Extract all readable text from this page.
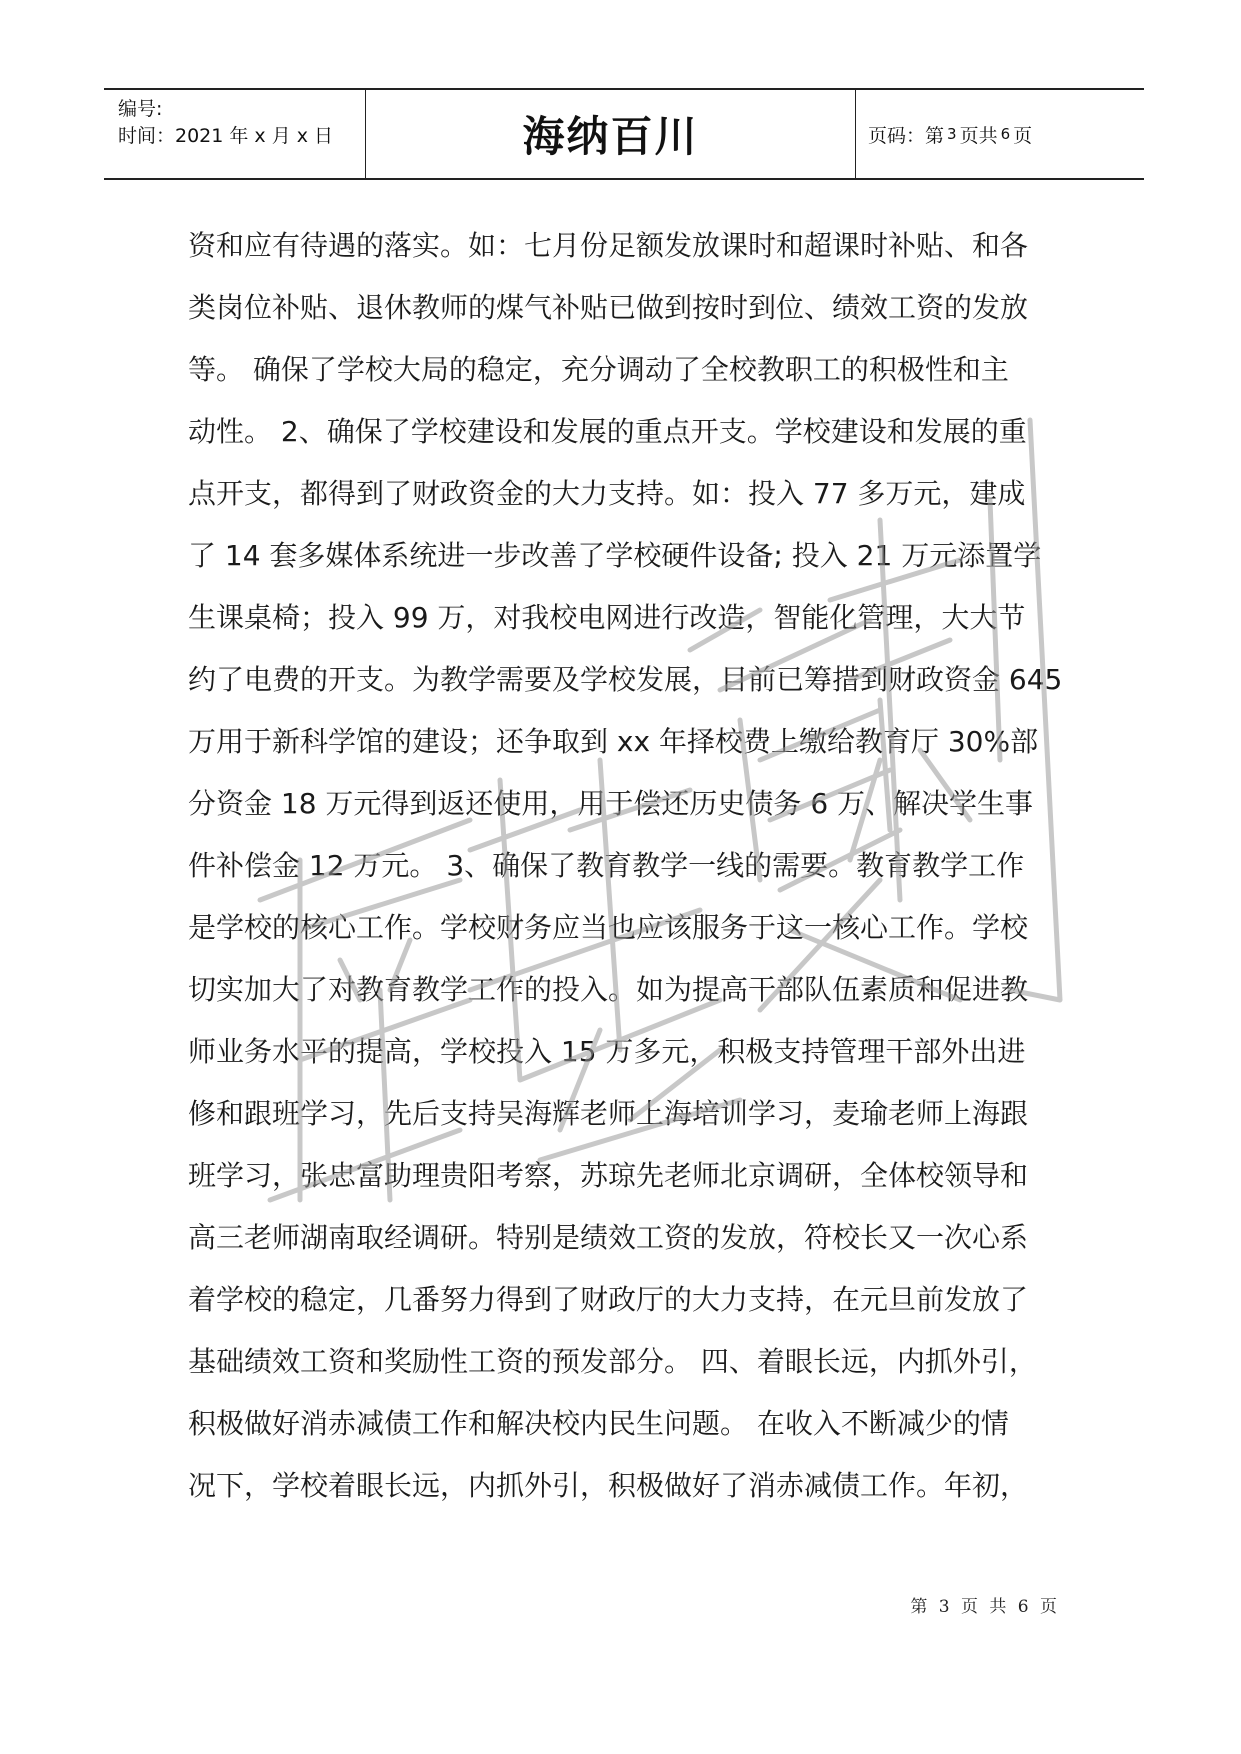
编号:
时间：2021 年 x 月 x 日	海纳百川	页码：第 3 页共 6 页
资和应有待遇的落实。如：七月份足额发放课时和超课时补贴、和各
类岗位补贴、退休教师的煤气补贴已做到按时到位、绩效工资的发放
等。 确保了学校大局的稳定，充分调动了全校教职工的积极性和主
动性。 2、确保了学校建设和发展的重点开支。学校建设和发展的重
点开支，都得到了财政资金的大力支持。如：投入 77 多万元，建成
了 14 套多媒体系统进一步改善了学校硬件设备; 投入 21 万元添置学
生课桌椅；投入 99 万，对我校电网进行改造，智能化管理，大大节
约了电费的开支。为教学需要及学校发展，目前已筹措到财政资金 645
万用于新科学馆的建设；还争取到 xx 年择校费上缴给教育厅 30%部
分资金 18 万元得到返还使用，用于偿还历史债务 6 万、解决学生事
件补偿金 12 万元。 3、确保了教育教学一线的需要。教育教学工作
是学校的核心工作。学校财务应当也应该服务于这一核心工作。学校
切实加大了对教育教学工作的投入。如为提高干部队伍素质和促进教
师业务水平的提高，学校投入 15 万多元，积极支持管理干部外出进
修和跟班学习，先后支持吴海辉老师上海培训学习，麦瑜老师上海跟
班学习，张忠富助理贵阳考察，苏琼先老师北京调研，全体校领导和
高三老师湖南取经调研。特别是绩效工资的发放，符校长又一次心系
着学校的稳定，几番努力得到了财政厅的大力支持，在元旦前发放了
基础绩效工资和奖励性工资的预发部分。 四、着眼长远，内抓外引，
积极做好消赤减债工作和解决校内民生问题。 在收入不断减少的情
况下，学校着眼长远，内抓外引，积极做好了消赤减债工作。年初，
第 3 页 共 6 页
